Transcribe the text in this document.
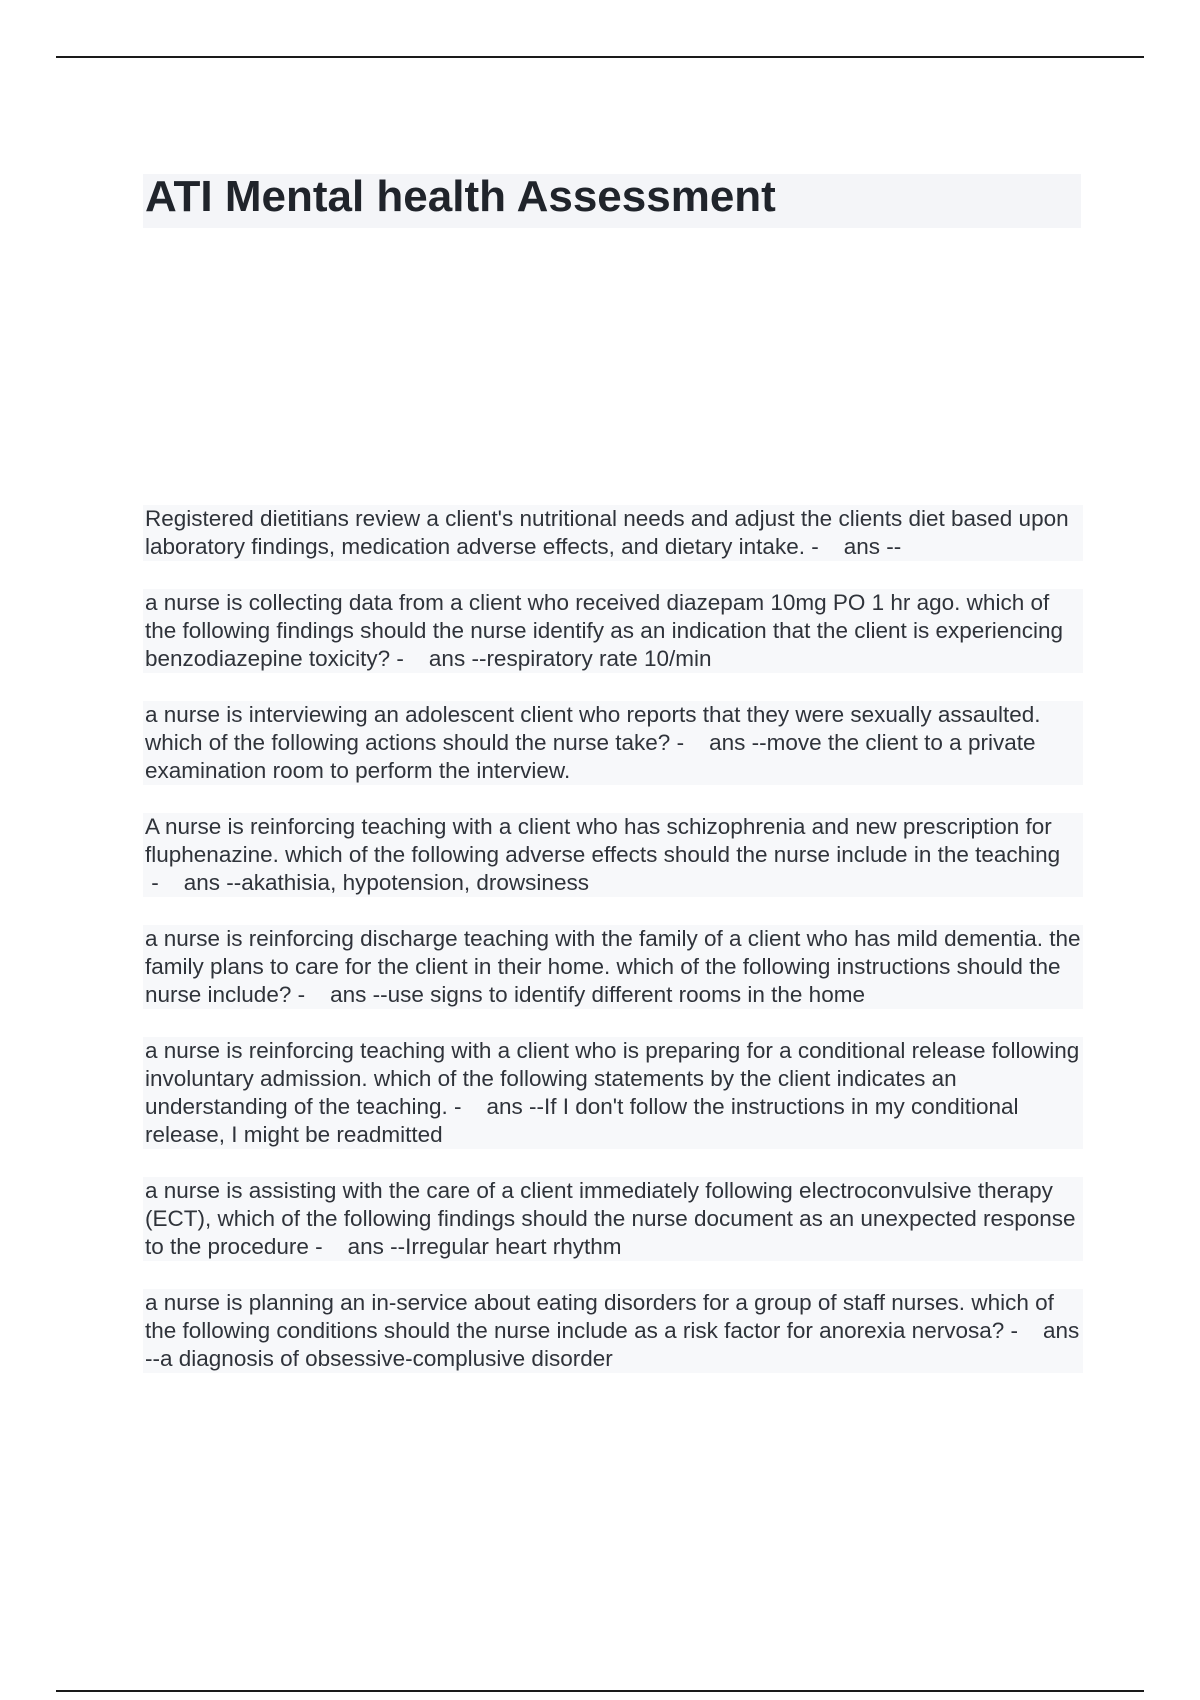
ATI Mental health Assessment

Registered dietitians review a client's nutritional needs and adjust the clients diet based upon laboratory findings, medication adverse effects, and dietary intake. -    ans --

a nurse is collecting data from a client who received diazepam 10mg PO 1 hr ago. which of the following findings should the nurse identify as an indication that the client is experiencing benzodiazepine toxicity? -    ans --respiratory rate 10/min

a nurse is interviewing an adolescent client who reports that they were sexually assaulted. which of the following actions should the nurse take? -    ans --move the client to a private examination room to perform the interview.

A nurse is reinforcing teaching with a client who has schizophrenia and new prescription for fluphenazine. which of the following adverse effects should the nurse include in the teaching -    ans --akathisia, hypotension, drowsiness

a nurse is reinforcing discharge teaching with the family of a client who has mild dementia. the family plans to care for the client in their home. which of the following instructions should the nurse include? -    ans --use signs to identify different rooms in the home

a nurse is reinforcing teaching with a client who is preparing for a conditional release following involuntary admission. which of the following statements by the client indicates an understanding of the teaching. -    ans --If I don't follow the instructions in my conditional release, I might be readmitted

a nurse is assisting with the care of a client immediately following electroconvulsive therapy (ECT), which of the following findings should the nurse document as an unexpected response to the procedure -    ans --Irregular heart rhythm

a nurse is planning an in-service about eating disorders for a group of staff nurses. which of the following conditions should the nurse include as a risk factor for anorexia nervosa? -    ans --a diagnosis of obsessive-complusive disorder
